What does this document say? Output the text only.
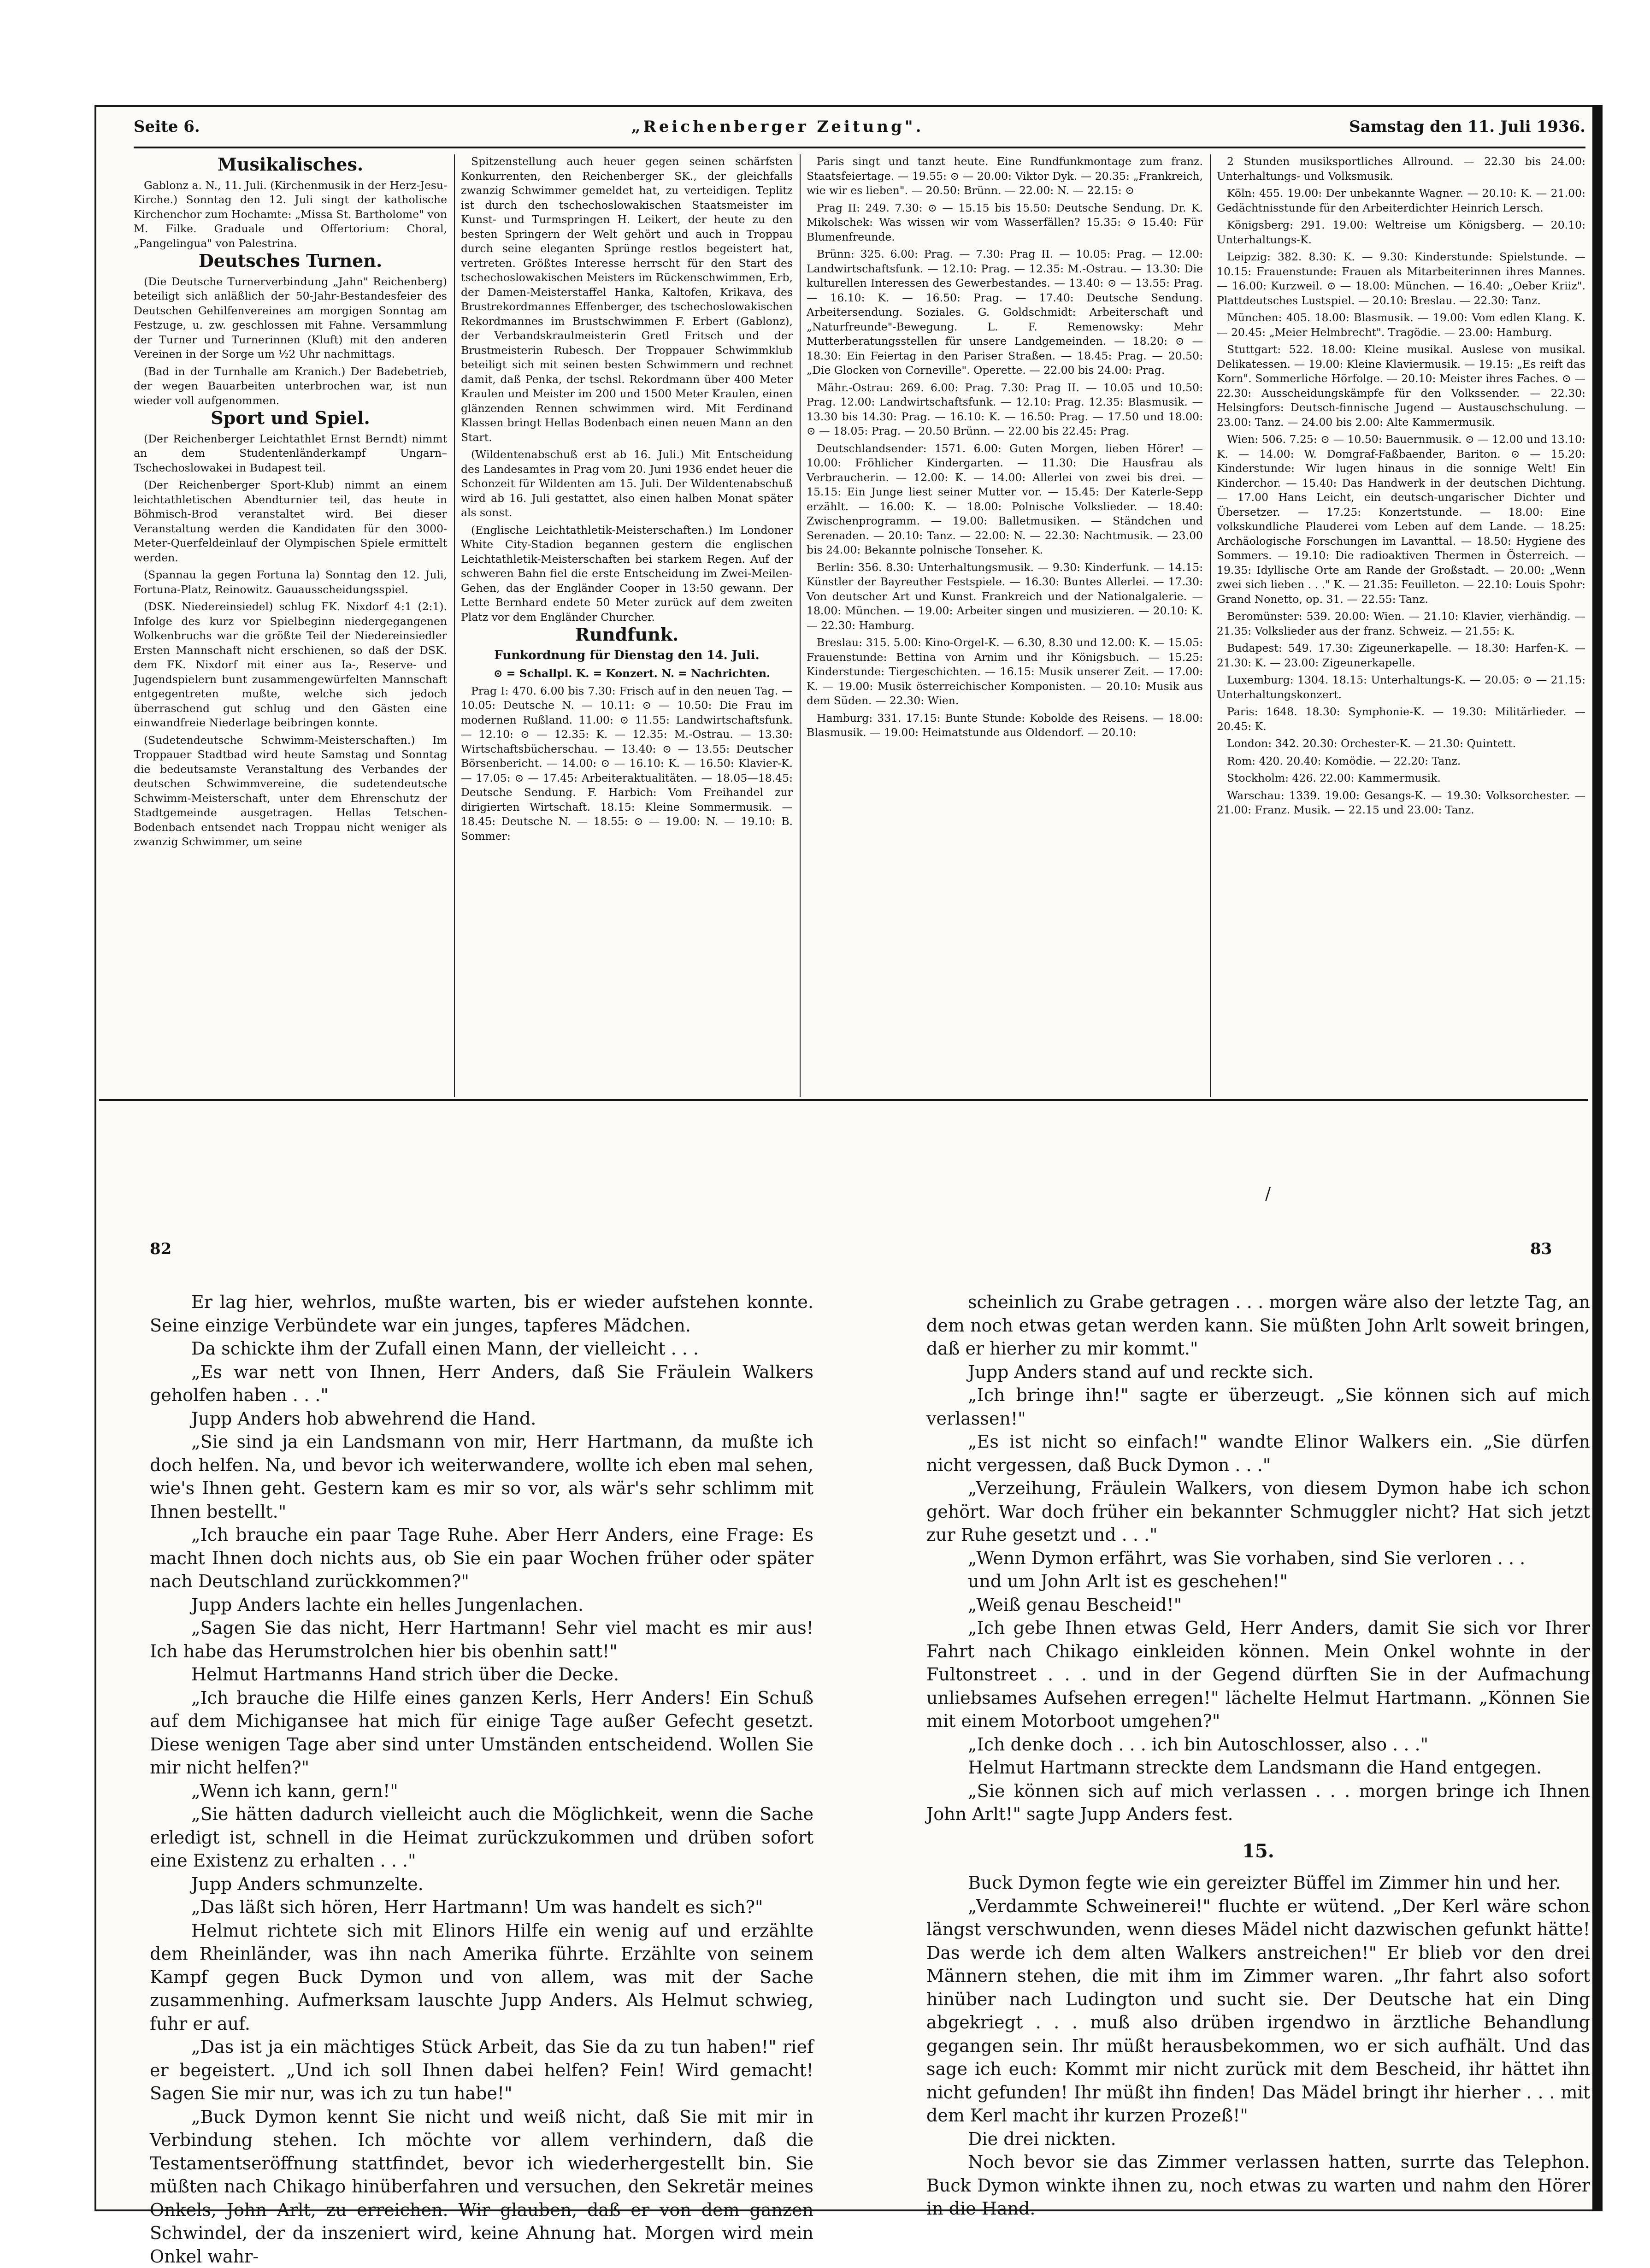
Seite 6.	„Reichenberger Zeitung".	Samstag den 11. Juli 1936.
Musikalisches.

Gablonz a. N., 11. Juli. (Kirchenmusik in der Herz-Jesu-Kirche.) Sonntag den 12. Juli singt der katholische Kirchenchor zum Hochamte: „Missa St. Bartholome" von M. Filke. Graduale und Offertorium: Choral, „Pangelingua" von Palestrina.

Deutsches Turnen.

(Die Deutsche Turnerverbindung „Jahn" Reichenberg) beteiligt sich anläßlich der 50-Jahr-Bestandesfeier des Deutschen Gehilfenvereines am morgigen Sonntag am Festzuge, u. zw. geschlossen mit Fahne. Versammlung der Turner und Turnerinnen (Kluft) mit den anderen Vereinen in der Sorge um ½2 Uhr nachmittags.

(Bad in der Turnhalle am Kranich.) Der Badebetrieb, der wegen Bauarbeiten unterbrochen war, ist nun wieder voll aufgenommen.

Sport und Spiel.

(Der Reichenberger Leichtathlet Ernst Berndt) nimmt an dem Studentenländerkampf Ungarn–Tschechoslowakei in Budapest teil.

(Der Reichenberger Sport-Klub) nimmt an einem leichtathletischen Abendturnier teil, das heute in Böhmisch-Brod veranstaltet wird. Bei dieser Veranstaltung werden die Kandidaten für den 3000-Meter-Querfeldeinlauf der Olympischen Spiele ermittelt werden.

(Spannau la gegen Fortuna la) Sonntag den 12. Juli, Fortuna-Platz, Reinowitz. Gauausscheidungsspiel.

(DSK. Niedereinsiedel) schlug FK. Nixdorf 4:1 (2:1). Infolge des kurz vor Spielbeginn niedergegangenen Wolkenbruchs war die größte Teil der Niedereinsiedler Ersten Mannschaft nicht erschienen, so daß der DSK. dem FK. Nixdorf mit einer aus Ia-, Reserve- und Jugendspielern bunt zusammengewürfelten Mannschaft entgegentreten mußte, welche sich jedoch überraschend gut schlug und den Gästen eine einwandfreie Niederlage beibringen konnte.

(Sudetendeutsche Schwimm-Meisterschaften.) Im Troppauer Stadtbad wird heute Samstag und Sonntag die bedeutsamste Veranstaltung des Verbandes der deutschen Schwimmvereine, die sudetendeutsche Schwimm-Meisterschaft, unter dem Ehrenschutz der Stadtgemeinde ausgetragen. Hellas Tetschen-Bodenbach entsendet nach Troppau nicht weniger als zwanzig Schwimmer, um seine

Spitzenstellung auch heuer gegen seinen schärfsten Konkurrenten, den Reichenberger SK., der gleichfalls zwanzig Schwimmer gemeldet hat, zu verteidigen. Teplitz ist durch den tschechoslowakischen Staatsmeister im Kunst- und Turmspringen H. Leikert, der heute zu den besten Springern der Welt gehört und auch in Troppau durch seine eleganten Sprünge restlos begeistert hat, vertreten. Größtes Interesse herrscht für den Start des tschechoslowakischen Meisters im Rückenschwimmen, Erb, der Damen-Meisterstaffel Hanka, Kaltofen, Krikava, des Brustrekordmannes Effenberger, des tschechoslowakischen Rekordmannes im Brustschwimmen F. Erbert (Gablonz), der Verbandskraulmeisterin Gretl Fritsch und der Brustmeisterin Rubesch. Der Troppauer Schwimmklub beteiligt sich mit seinen besten Schwimmern und rechnet damit, daß Penka, der tschsl. Rekordmann über 400 Meter Kraulen und Meister im 200 und 1500 Meter Kraulen, einen glänzenden Rennen schwimmen wird. Mit Ferdinand Klassen bringt Hellas Bodenbach einen neuen Mann an den Start.

(Wildentenabschuß erst ab 16. Juli.) Mit Entscheidung des Landesamtes in Prag vom 20. Juni 1936 endet heuer die Schonzeit für Wildenten am 15. Juli. Der Wildentenabschuß wird ab 16. Juli gestattet, also einen halben Monat später als sonst.

(Englische Leichtathletik-Meisterschaften.) Im Londoner White City-Stadion begannen gestern die englischen Leichtathletik-Meisterschaften bei starkem Regen. Auf der schweren Bahn fiel die erste Entscheidung im Zwei-Meilen-Gehen, das der Engländer Cooper in 13:50 gewann. Der Lette Bernhard endete 50 Meter zurück auf dem zweiten Platz vor dem Engländer Churcher.

Rundfunk.
Funkordnung für Dienstag den 14. Juli.

⊙ = Schallpl. K. = Konzert. N. = Nachrichten.

Prag I: 470. 6.00 bis 7.30: Frisch auf in den neuen Tag. — 10.05: Deutsche N. — 10.11: ⊙ — 10.50: Die Frau im modernen Rußland. 11.00: ⊙ 11.55: Landwirtschaftsfunk. — 12.10: ⊙ — 12.35: K. — 12.35: M.-Ostrau. — 13.30: Wirtschaftsbücherschau. — 13.40: ⊙ — 13.55: Deutscher Börsenbericht. — 14.00: ⊙ — 16.10: K. — 16.50: Klavier-K. — 17.05: ⊙ — 17.45: Arbeiteraktualitäten. — 18.05—18.45: Deutsche Sendung. F. Harbich: Vom Freihandel zur dirigierten Wirtschaft. 18.15: Kleine Sommermusik. — 18.45: Deutsche N. — 18.55: ⊙ — 19.00: N. — 19.10: B. Sommer:

Paris singt und tanzt heute. Eine Rundfunkmontage zum franz. Staatsfeiertage. — 19.55: ⊙ — 20.00: Viktor Dyk. — 20.35: „Frankreich, wie wir es lieben". — 20.50: Brünn. — 22.00: N. — 22.15: ⊙

Prag II: 249. 7.30: ⊙ — 15.15 bis 15.50: Deutsche Sendung. Dr. K. Mikolschek: Was wissen wir vom Wasserfällen? 15.35: ⊙ 15.40: Für Blumenfreunde.

Brünn: 325. 6.00: Prag. — 7.30: Prag II. — 10.05: Prag. — 12.00: Landwirtschaftsfunk. — 12.10: Prag. — 12.35: M.-Ostrau. — 13.30: Die kulturellen Interessen des Gewerbestandes. — 13.40: ⊙ — 13.55: Prag. — 16.10: K. — 16.50: Prag. — 17.40: Deutsche Sendung. Arbeitersendung. Soziales. G. Goldschmidt: Arbeiterschaft und „Naturfreunde"-Bewegung. L. F. Remenowsky: Mehr Mutterberatungsstellen für unsere Landgemeinden. — 18.20: ⊙ — 18.30: Ein Feiertag in den Pariser Straßen. — 18.45: Prag. — 20.50: „Die Glocken von Corneville". Operette. — 22.00 bis 24.00: Prag.

Mähr.-Ostrau: 269. 6.00: Prag. 7.30: Prag II. — 10.05 und 10.50: Prag. 12.00: Landwirtschaftsfunk. — 12.10: Prag. 12.35: Blasmusik. — 13.30 bis 14.30: Prag. — 16.10: K. — 16.50: Prag. — 17.50 und 18.00: ⊙ — 18.05: Prag. — 20.50 Brünn. — 22.00 bis 22.45: Prag.

Deutschlandsender: 1571. 6.00: Guten Morgen, lieben Hörer! — 10.00: Fröhlicher Kindergarten. — 11.30: Die Hausfrau als Verbraucherin. — 12.00: K. — 14.00: Allerlei von zwei bis drei. — 15.15: Ein Junge liest seiner Mutter vor. — 15.45: Der Katerle-Sepp erzählt. — 16.00: K. — 18.00: Polnische Volkslieder. — 18.40: Zwischenprogramm. — 19.00: Balletmusiken. — Ständchen und Serenaden. — 20.10: Tanz. — 22.00: N. — 22.30: Nachtmusik. — 23.00 bis 24.00: Bekannte polnische Tonseher. K.

Berlin: 356. 8.30: Unterhaltungsmusik. — 9.30: Kinderfunk. — 14.15: Künstler der Bayreuther Festspiele. — 16.30: Buntes Allerlei. — 17.30: Von deutscher Art und Kunst. Frankreich und der Nationalgalerie. — 18.00: München. — 19.00: Arbeiter singen und musizieren. — 20.10: K. — 22.30: Hamburg.

Breslau: 315. 5.00: Kino-Orgel-K. — 6.30, 8.30 und 12.00: K. — 15.05: Frauenstunde: Bettina von Arnim und ihr Königsbuch. — 15.25: Kinderstunde: Tiergeschichten. — 16.15: Musik unserer Zeit. — 17.00: K. — 19.00: Musik österreichischer Komponisten. — 20.10: Musik aus dem Süden. — 22.30: Wien.

Hamburg: 331. 17.15: Bunte Stunde: Kobolde des Reisens. — 18.00: Blasmusik. — 19.00: Heimatstunde aus Oldendorf. — 20.10:

2 Stunden musiksportliches Allround. — 22.30 bis 24.00: Unterhaltungs- und Volksmusik.

Köln: 455. 19.00: Der unbekannte Wagner. — 20.10: K. — 21.00: Gedächtnisstunde für den Arbeiterdichter Heinrich Lersch.

Königsberg: 291. 19.00: Weltreise um Königsberg. — 20.10: Unterhaltungs-K.

Leipzig: 382. 8.30: K. — 9.30: Kinderstunde: Spielstunde. — 10.15: Frauenstunde: Frauen als Mitarbeiterinnen ihres Mannes. — 16.00: Kurzweil. ⊙ — 18.00: München. — 16.40: „Oeber Kriiz". Plattdeutsches Lustspiel. — 20.10: Breslau. — 22.30: Tanz.

München: 405. 18.00: Blasmusik. — 19.00: Vom edlen Klang. K. — 20.45: „Meier Helmbrecht". Tragödie. — 23.00: Hamburg.

Stuttgart: 522. 18.00: Kleine musikal. Auslese von musikal. Delikatessen. — 19.00: Kleine Klaviermusik. — 19.15: „Es reift das Korn". Sommerliche Hörfolge. — 20.10: Meister ihres Faches. ⊙ — 22.30: Ausscheidungskämpfe für den Volkssender. — 22.30: Helsingfors: Deutsch-finnische Jugend — Austauschschulung. — 23.00: Tanz. — 24.00 bis 2.00: Alte Kammermusik.

Wien: 506. 7.25: ⊙ — 10.50: Bauernmusik. ⊙ — 12.00 und 13.10: K. — 14.00: W. Domgraf-Faßbaender, Bariton. ⊙ — 15.20: Kinderstunde: Wir lugen hinaus in die sonnige Welt! Ein Kinderchor. — 15.40: Das Handwerk in der deutschen Dichtung. — 17.00 Hans Leicht, ein deutsch-ungarischer Dichter und Übersetzer. — 17.25: Konzertstunde. — 18.00: Eine volkskundliche Plauderei vom Leben auf dem Lande. — 18.25: Archäologische Forschungen im Lavanttal. — 18.50: Hygiene des Sommers. — 19.10: Die radioaktiven Thermen in Österreich. — 19.35: Idyllische Orte am Rande der Großstadt. — 20.00: „Wenn zwei sich lieben . . ." K. — 21.35: Feuilleton. — 22.10: Louis Spohr: Grand Nonetto, op. 31. — 22.55: Tanz.

Beromünster: 539. 20.00: Wien. — 21.10: Klavier, vierhändig. — 21.35: Volkslieder aus der franz. Schweiz. — 21.55: K.

Budapest: 549. 17.30: Zigeunerkapelle. — 18.30: Harfen-K. — 21.30: K. — 23.00: Zigeunerkapelle.

Luxemburg: 1304. 18.15: Unterhaltungs-K. — 20.05: ⊙ — 21.15: Unterhaltungskonzert.

Paris: 1648. 18.30: Symphonie-K. — 19.30: Militärlieder. — 20.45: K.

London: 342. 20.30: Orchester-K. — 21.30: Quintett.

Rom: 420. 20.40: Komödie. — 22.20: Tanz.

Stockholm: 426. 22.00: Kammermusik.

Warschau: 1339. 19.00: Gesangs-K. — 19.30: Volksorchester. — 21.00: Franz. Musik. — 22.15 und 23.00: Tanz.

/
82	83

Er lag hier, wehrlos, mußte warten, bis er wieder aufstehen konnte. Seine einzige Verbündete war ein junges, tapferes Mädchen.

Da schickte ihm der Zufall einen Mann, der vielleicht . . .

„Es war nett von Ihnen, Herr Anders, daß Sie Fräulein Walkers geholfen haben . . ."

Jupp Anders hob abwehrend die Hand.

„Sie sind ja ein Landsmann von mir, Herr Hartmann, da mußte ich doch helfen. Na, und bevor ich weiterwandere, wollte ich eben mal sehen, wie's Ihnen geht. Gestern kam es mir so vor, als wär's sehr schlimm mit Ihnen bestellt."

„Ich brauche ein paar Tage Ruhe. Aber Herr Anders, eine Frage: Es macht Ihnen doch nichts aus, ob Sie ein paar Wochen früher oder später nach Deutschland zurückkommen?"

Jupp Anders lachte ein helles Jungenlachen.

„Sagen Sie das nicht, Herr Hartmann! Sehr viel macht es mir aus! Ich habe das Herumstrolchen hier bis obenhin satt!"

Helmut Hartmanns Hand strich über die Decke.

„Ich brauche die Hilfe eines ganzen Kerls, Herr Anders! Ein Schuß auf dem Michigansee hat mich für einige Tage außer Gefecht gesetzt. Diese wenigen Tage aber sind unter Umständen entscheidend. Wollen Sie mir nicht helfen?"

„Wenn ich kann, gern!"

„Sie hätten dadurch vielleicht auch die Möglichkeit, wenn die Sache erledigt ist, schnell in die Heimat zurückzukommen und drüben sofort eine Existenz zu erhalten . . ."

Jupp Anders schmunzelte.

„Das läßt sich hören, Herr Hartmann! Um was handelt es sich?"

Helmut richtete sich mit Elinors Hilfe ein wenig auf und erzählte dem Rheinländer, was ihn nach Amerika führte. Erzählte von seinem Kampf gegen Buck Dymon und von allem, was mit der Sache zusammenhing. Aufmerksam lauschte Jupp Anders. Als Helmut schwieg, fuhr er auf.

„Das ist ja ein mächtiges Stück Arbeit, das Sie da zu tun haben!" rief er begeistert. „Und ich soll Ihnen dabei helfen? Fein! Wird gemacht! Sagen Sie mir nur, was ich zu tun habe!"

„Buck Dymon kennt Sie nicht und weiß nicht, daß Sie mit mir in Verbindung stehen. Ich möchte vor allem verhindern, daß die Testamentseröffnung stattfindet, bevor ich wiederhergestellt bin. Sie müßten nach Chikago hinüberfahren und versuchen, den Sekretär meines Onkels, John Arlt, zu erreichen. Wir glauben, daß er von dem ganzen Schwindel, der da inszeniert wird, keine Ahnung hat. Morgen wird mein Onkel wahr-

scheinlich zu Grabe getragen . . . morgen wäre also der letzte Tag, an dem noch etwas getan werden kann. Sie müßten John Arlt soweit bringen, daß er hierher zu mir kommt."

Jupp Anders stand auf und reckte sich.

„Ich bringe ihn!" sagte er überzeugt. „Sie können sich auf mich verlassen!"

„Es ist nicht so einfach!" wandte Elinor Walkers ein. „Sie dürfen nicht vergessen, daß Buck Dymon . . ."

„Verzeihung, Fräulein Walkers, von diesem Dymon habe ich schon gehört. War doch früher ein bekannter Schmuggler nicht? Hat sich jetzt zur Ruhe gesetzt und . . ."

„Wenn Dymon erfährt, was Sie vorhaben, sind Sie verloren . . .

und um John Arlt ist es geschehen!"

„Weiß genau Bescheid!"

„Ich gebe Ihnen etwas Geld, Herr Anders, damit Sie sich vor Ihrer Fahrt nach Chikago einkleiden können. Mein Onkel wohnte in der Fultonstreet . . . und in der Gegend dürften Sie in der Aufmachung unliebsames Aufsehen erregen!" lächelte Helmut Hartmann. „Können Sie mit einem Motorboot umgehen?"

„Ich denke doch . . . ich bin Autoschlosser, also . . ."

Helmut Hartmann streckte dem Landsmann die Hand entgegen.

„Sie können sich auf mich verlassen . . . morgen bringe ich Ihnen John Arlt!" sagte Jupp Anders fest.

15.

Buck Dymon fegte wie ein gereizter Büffel im Zimmer hin und her.

„Verdammte Schweinerei!" fluchte er wütend. „Der Kerl wäre schon längst verschwunden, wenn dieses Mädel nicht dazwischen gefunkt hätte! Das werde ich dem alten Walkers anstreichen!" Er blieb vor den drei Männern stehen, die mit ihm im Zimmer waren. „Ihr fahrt also sofort hinüber nach Ludington und sucht sie. Der Deutsche hat ein Ding abgekriegt . . . muß also drüben irgendwo in ärztliche Behandlung gegangen sein. Ihr müßt herausbekommen, wo er sich aufhält. Und das sage ich euch: Kommt mir nicht zurück mit dem Bescheid, ihr hättet ihn nicht gefunden! Ihr müßt ihn finden! Das Mädel bringt ihr hierher . . . mit dem Kerl macht ihr kurzen Prozeß!"

Die drei nickten.

Noch bevor sie das Zimmer verlassen hatten, surrte das Telephon. Buck Dymon winkte ihnen zu, noch etwas zu warten und nahm den Hörer in die Hand.
